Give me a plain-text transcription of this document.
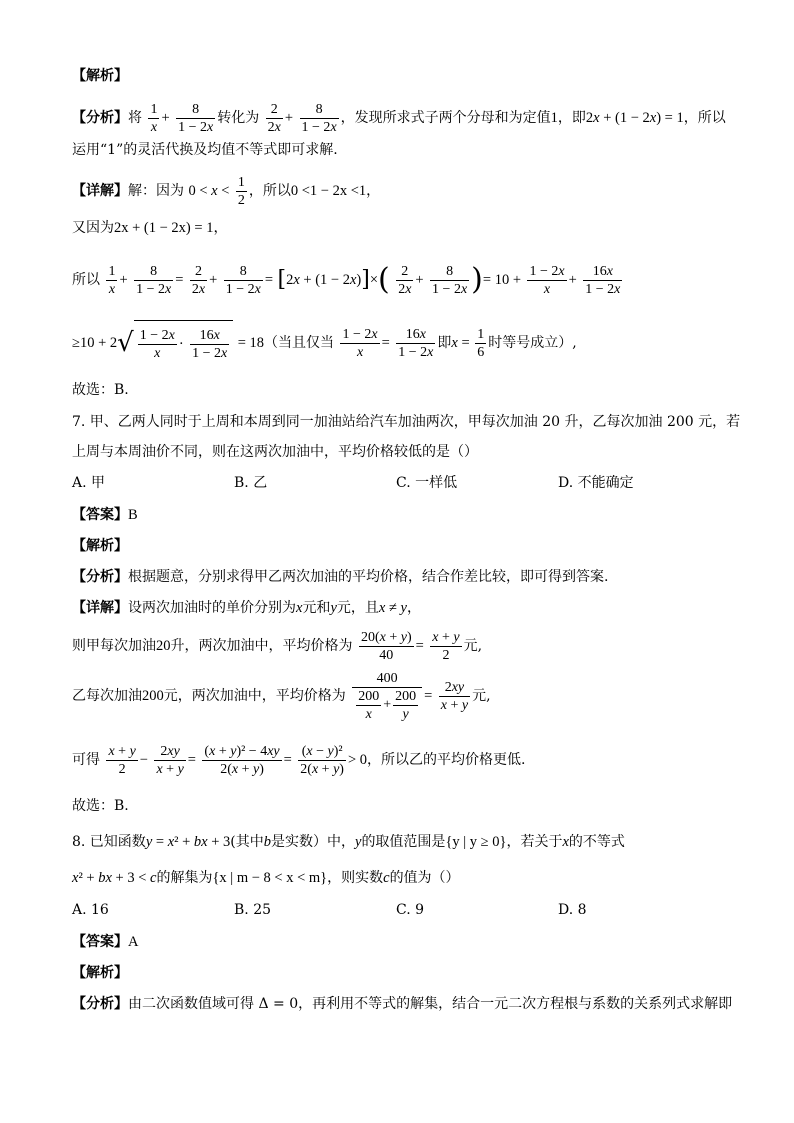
【解析】
【分析】将 $\frac{1}{x} + \frac{8}{1 - 2x}$ 转化为 $\frac{2}{2x} + \frac{8}{1 - 2x}$ ，发现所求式子两个分母和为定值1，即2x + (1 − 2x) = 1，所以
运用“1”的灵活代换及均值不等式即可求解.
【详解】解：因为 $0 < x < \frac{1}{2}$ ，所以0 <1 − 2x <1，
又因为2x + (1 − 2x) = 1，
所以 $\frac{1}{x} + \frac{8}{1 - 2x} = \frac{2}{2x} + \frac{8}{1 - 2x} = [2x + (1 - 2x)]\times( \frac{2}{2x} + \frac{8}{1 - 2x}$ )= $10 + \frac{1 - 2x}{x} + \frac{16x}{1 - 2x}$
$\ge 10 + 2√ \frac{1 - 2x}{x} \cdot \frac{16x}{1 - 2x} = 18$（当且仅当 $\frac{1 - 2x}{x} = \frac{16x}{1 - 2x}$ 即$x = \frac{1}{6}$ 时等号成立）,
故选：B.
7. 甲、乙两人同时于上周和本周到同一加油站给汽车加油两次，甲每次加油 20 升，乙每次加油 200 元，若
上周与本周油价不同，则在这两次加油中，平均价格较低的是（）
A. 甲	B. 乙	C. 一样低	D. 不能确定
【答案】B
【解析】
【分析】根据题意，分别求得甲乙两次加油的平均价格，结合作差比较，即可得到答案.
【详解】设两次加油时的单价分别为x元和y元，且x ≠ y，
则甲每次加油20升，两次加油中，平均价格为 $\frac{20(x + y)}{40} = \frac{x + y}{2}$ 元,
乙每次加油200元，两次加油中，平均价格为 $\frac{400}{\frac{200}{x} + \frac{200}{y}} = \frac{2xy}{x + y}$ 元,
可得 $\frac{x + y}{2} - \frac{2xy}{x + y} = \frac{\text{(x + y)² − 4xy}}{2(x + y)} = \frac{\text{(x − y)²}}{2(x + y)} > 0$，所以乙的平均价格更低.
故选：B.
8. 已知函数y = x² + bx + 3(其中b是实数）中，y的取值范围是{y | y ≥ 0}，若关于x的不等式
x² + bx + 3 < c的解集为{x | m − 8 < x < m}，则实数c的值为（）
A. 16	B. 25	C. 9	D. 8
【答案】A
【解析】
【分析】由二次函数值域可得 Δ = 0，再利用不等式的解集，结合一元二次方程根与系数的关系列式求解即
